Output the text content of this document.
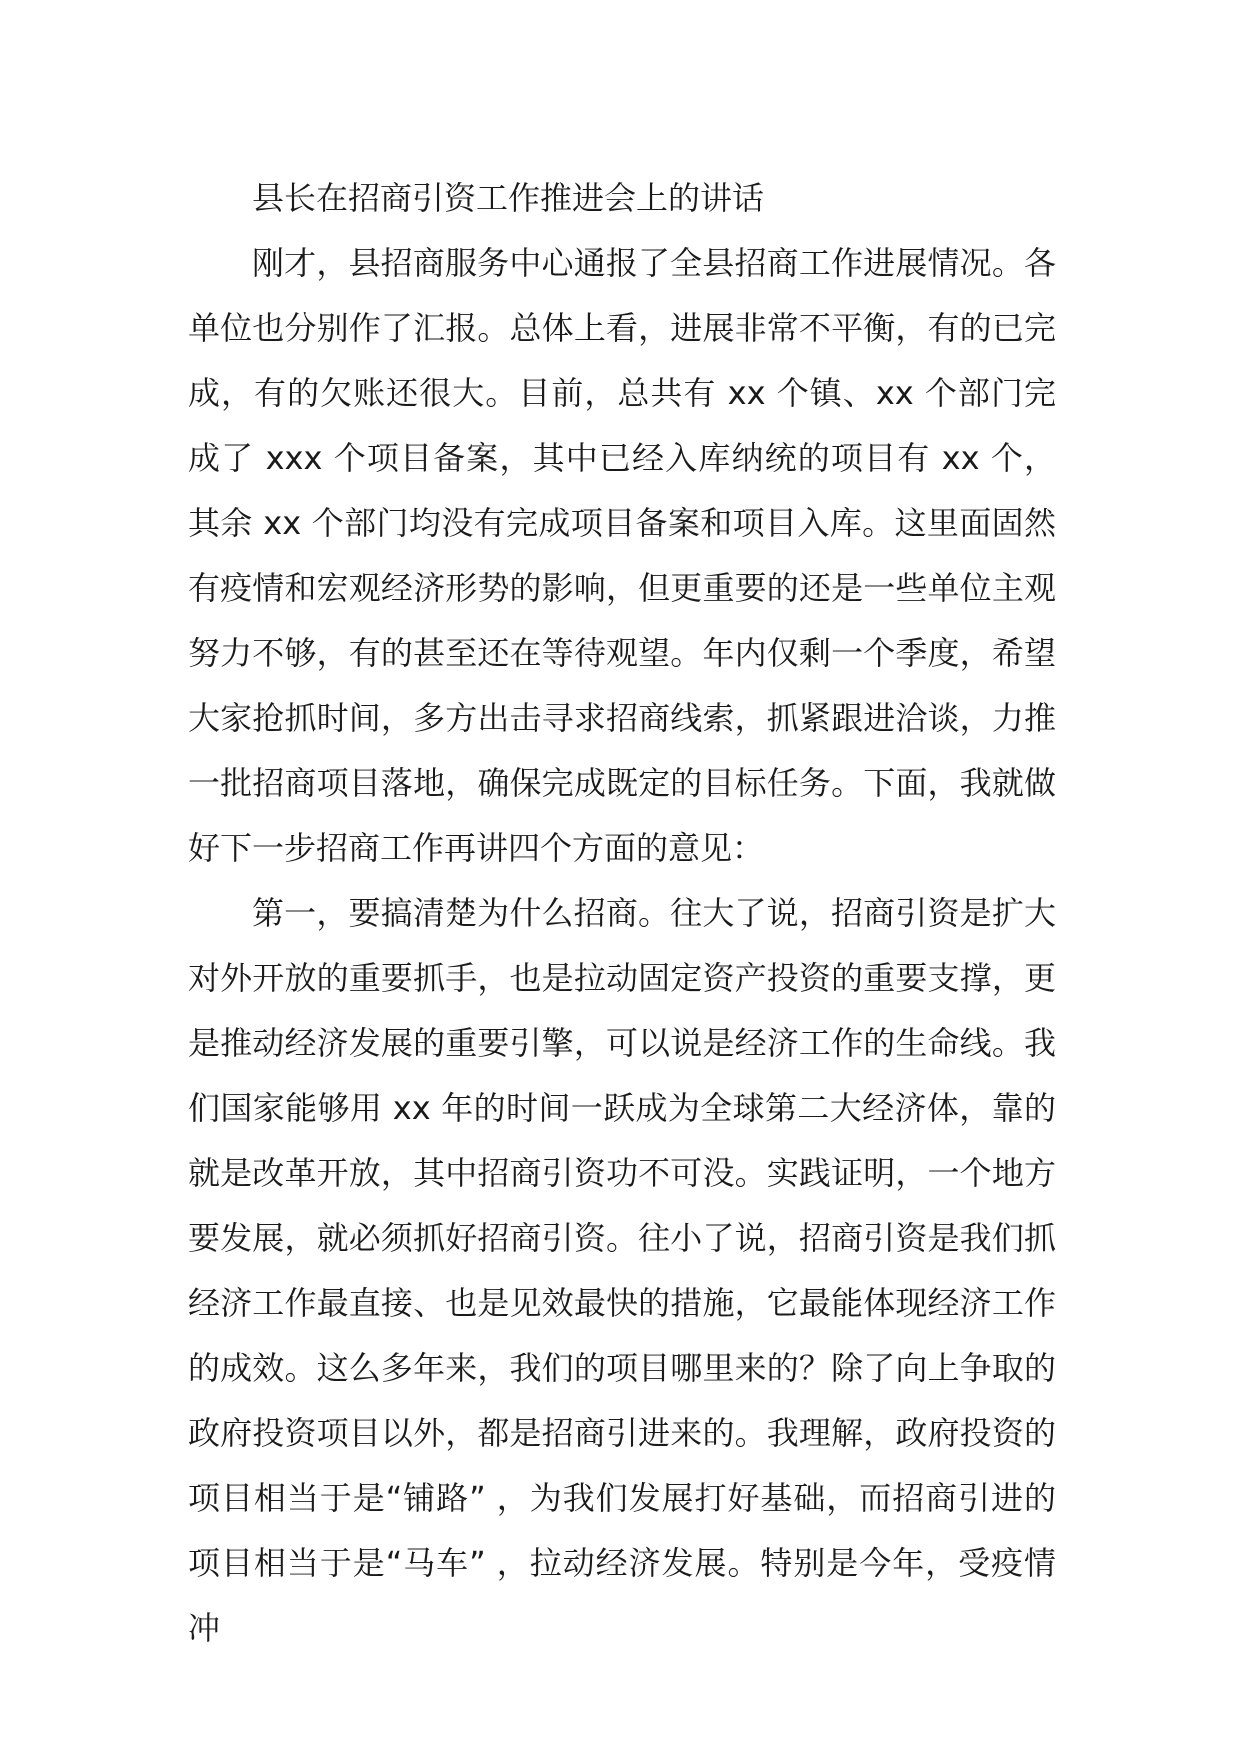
县长在招商引资工作推进会上的讲话

刚才，县招商服务中心通报了全县招商工作进展情况。各单位也分别作了汇报。总体上看，进展非常不平衡，有的已完成，有的欠账还很大。目前，总共有 xx 个镇、xx 个部门完成了 xxx 个项目备案，其中已经入库纳统的项目有 xx 个，其余 xx 个部门均没有完成项目备案和项目入库。这里面固然有疫情和宏观经济形势的影响，但更重要的还是一些单位主观努力不够，有的甚至还在等待观望。年内仅剩一个季度，希望大家抢抓时间，多方出击寻求招商线索，抓紧跟进洽谈，力推一批招商项目落地，确保完成既定的目标任务。下面，我就做好下一步招商工作再讲四个方面的意见：

第一，要搞清楚为什么招商。往大了说，招商引资是扩大对外开放的重要抓手，也是拉动固定资产投资的重要支撑，更是推动经济发展的重要引擎，可以说是经济工作的生命线。我们国家能够用 xx 年的时间一跃成为全球第二大经济体，靠的就是改革开放，其中招商引资功不可没。实践证明，一个地方要发展，就必须抓好招商引资。往小了说，招商引资是我们抓经济工作最直接、也是见效最快的措施，它最能体现经济工作的成效。这么多年来，我们的项目哪里来的？除了向上争取的政府投资项目以外，都是招商引进来的。我理解，政府投资的项目相当于是“铺路” ，为我们发展打好基础，而招商引进的项目相当于是“马车” ，拉动经济发展。特别是今年，受疫情冲
